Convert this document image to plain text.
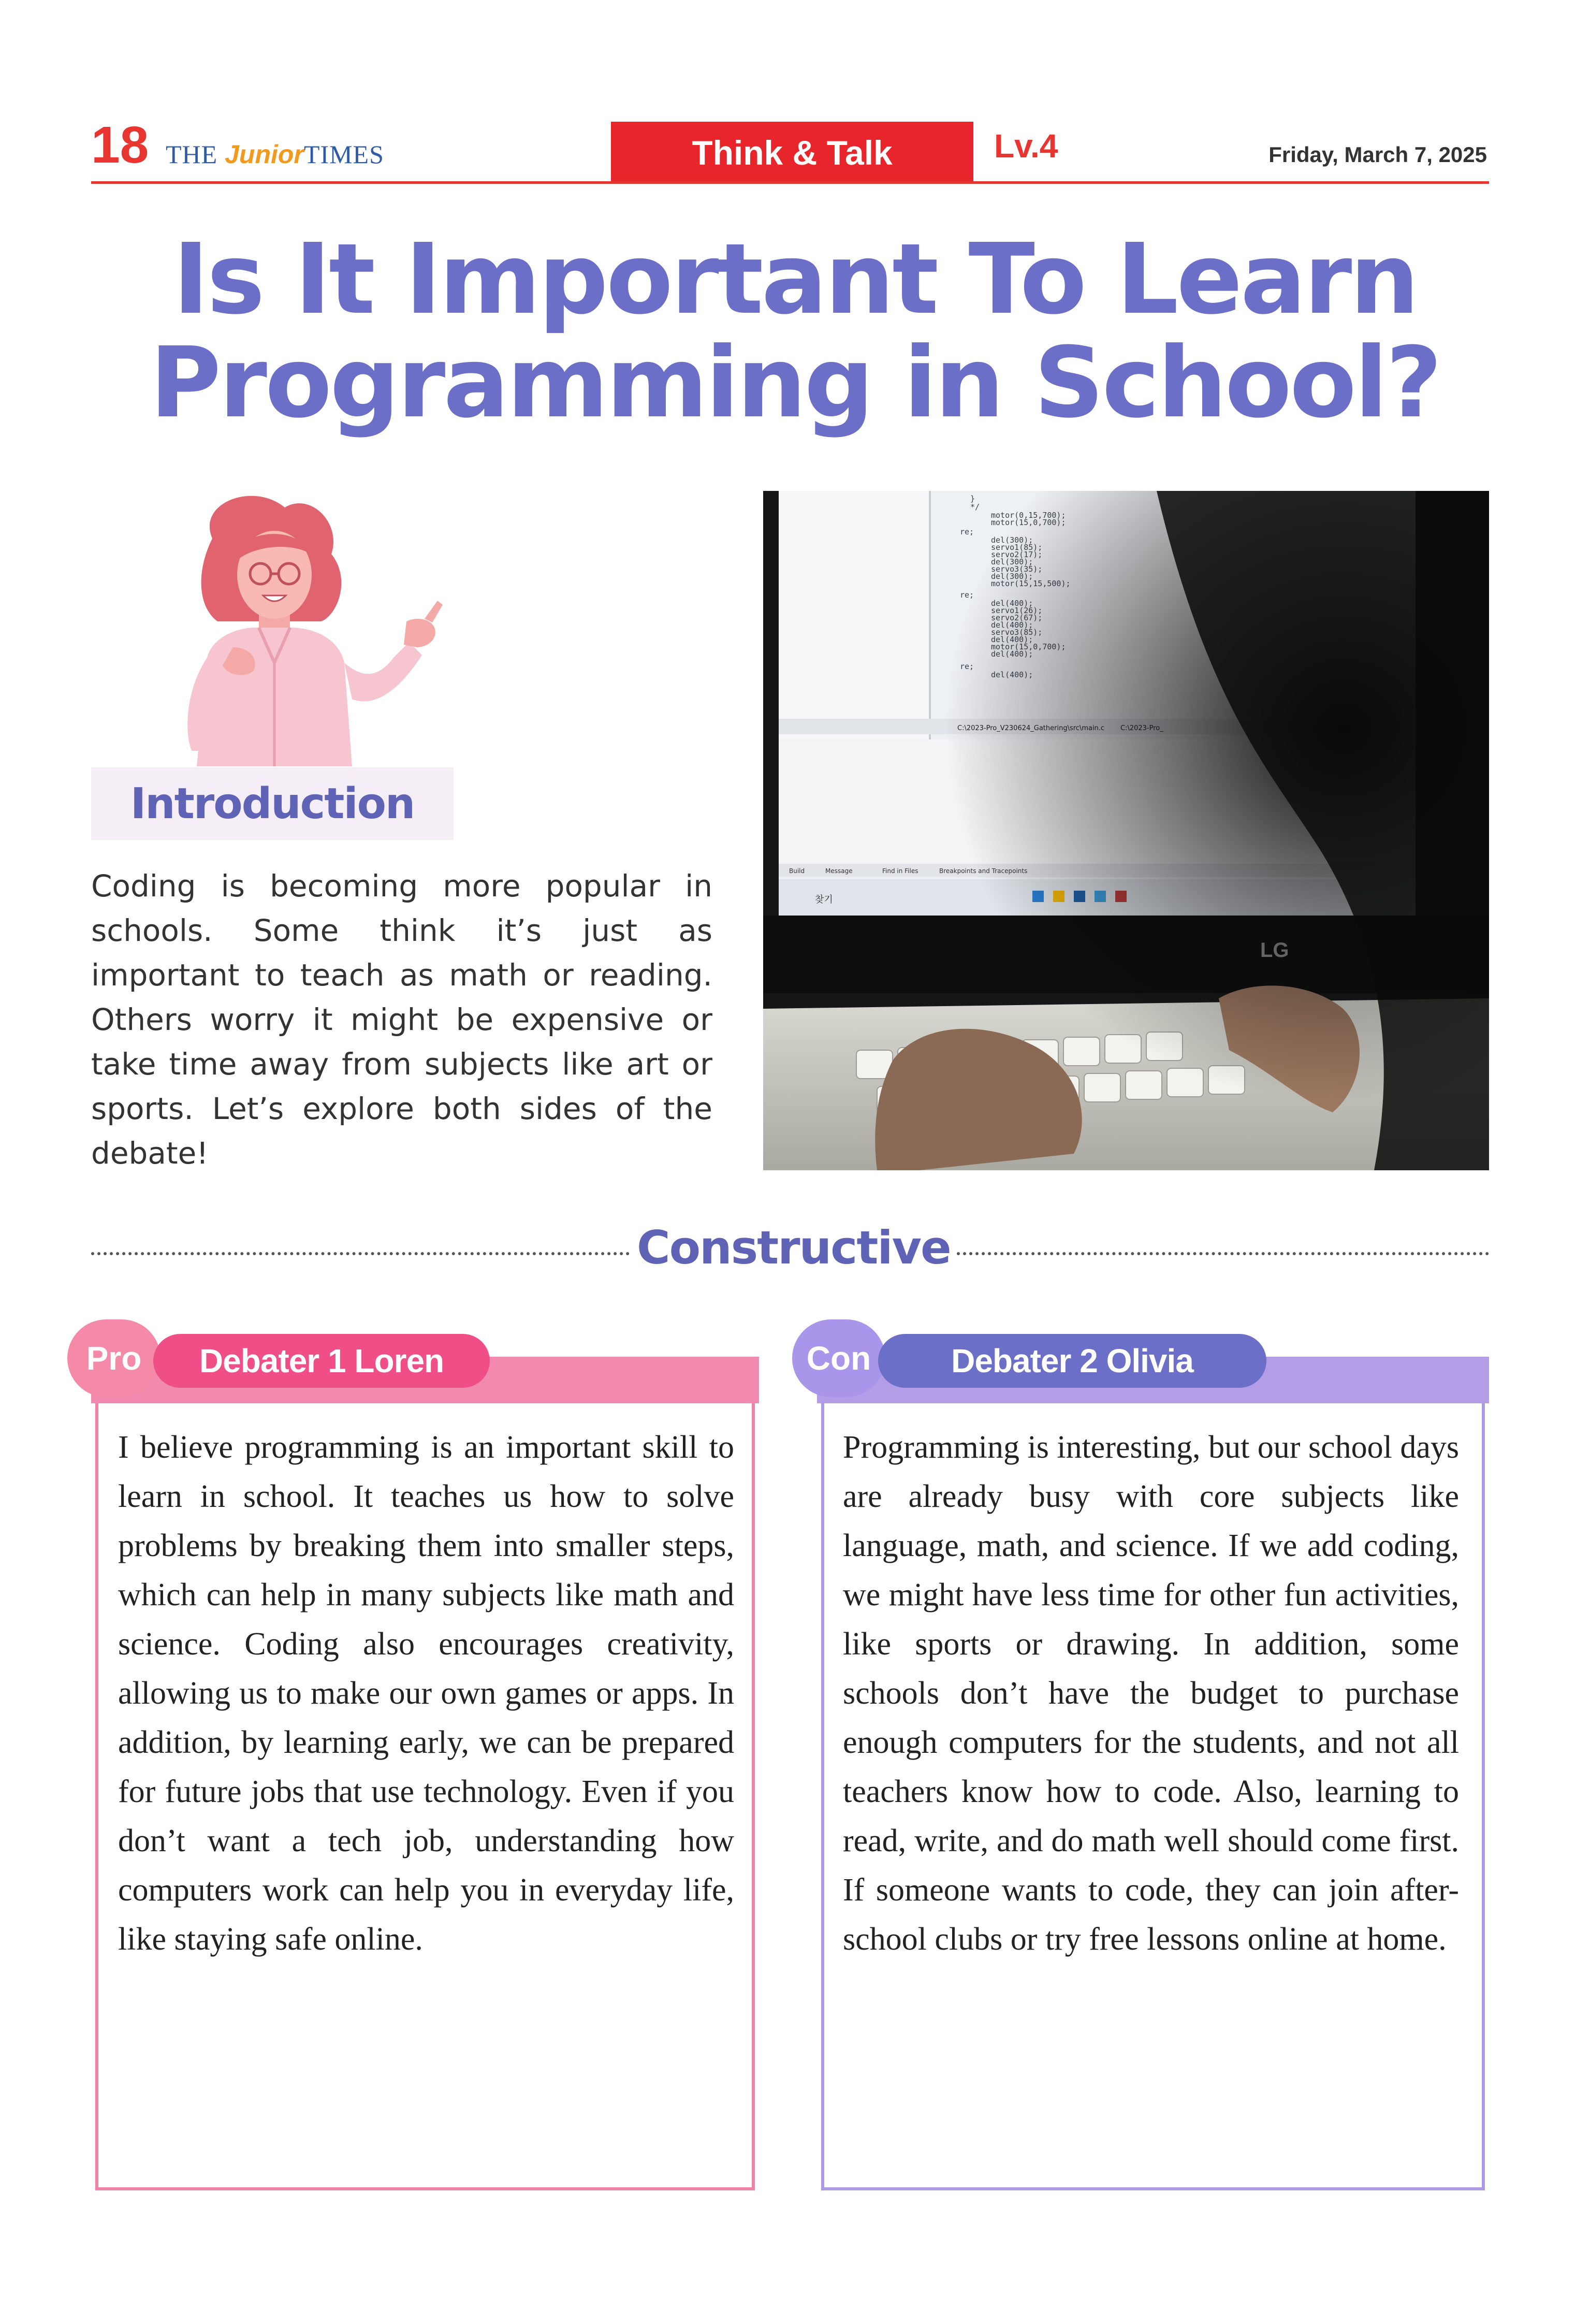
18 THE JuniorTIMES	Think & Talk	Lv.4	Friday, March 7, 2025
Is It Important To Learn Programming in School?
Introduction
Coding is becoming more popular in schools. Some think it’s just as important to teach as math or reading. Others worry it might be expensive or take time away from subjects like art or sports. Let’s explore both sides of the debate!
Constructive
Pro	Debater 1 Loren
I believe programming is an important skill to learn in school. It teaches us how to solve problems by breaking them into smaller steps, which can help in many subjects like math and science. Coding also encourages creativity, allowing us to make our own games or apps. In addition, by learning early, we can be prepared for future jobs that use technology. Even if you don’t want a tech job, understanding how computers work can help you in everyday life, like staying safe online.
Con	Debater 2 Olivia
Programming is interesting, but our school days are already busy with core subjects like language, math, and science. If we add coding, we might have less time for other fun activities, like sports or drawing. In addition, some schools don’t have the budget to purchase enough computers for the students, and not all teachers know how to code. Also, learning to read, write, and do math well should come first. If someone wants to code, they can join after-school clubs or try free lessons online at home.
